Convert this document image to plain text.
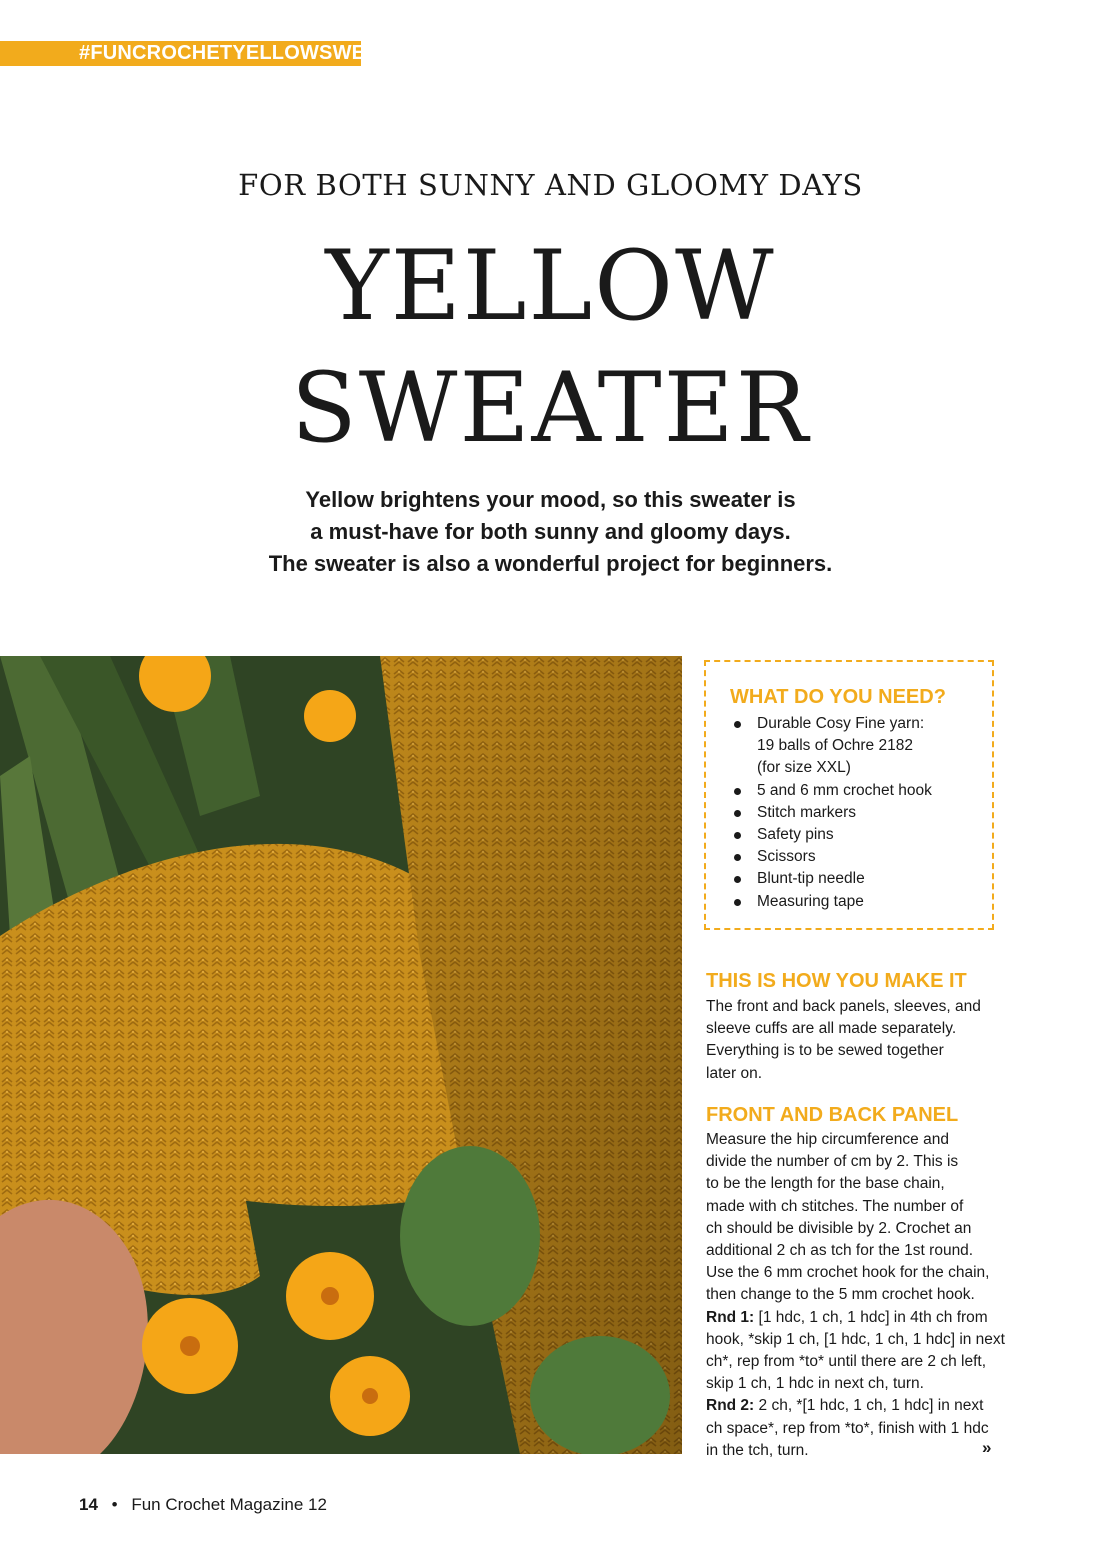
#FUNCROCHETYELLOWSWEATER
FOR BOTH SUNNY AND GLOOMY DAYS
YELLOW
SWEATER
Yellow brightens your mood, so this sweater is
a must-have for both sunny and gloomy days.
The sweater is also a wonderful project for beginners.
WHAT DO YOU NEED?
Durable Cosy Fine yarn:
19 balls of Ochre 2182
(for size XXL)
5 and 6 mm crochet hook
Stitch markers
Safety pins
Scissors
Blunt-tip needle
Measuring tape
THIS IS HOW YOU MAKE IT
The front and back panels, sleeves, and
sleeve cuffs are all made separately.
Everything is to be sewed together
later on.
FRONT AND BACK PANEL
Measure the hip circumference and
divide the number of cm by 2. This is
to be the length for the base chain,
made with ch stitches. The number of
ch should be divisible by 2. Crochet an
additional 2 ch as tch for the 1st round.
Use the 6 mm crochet hook for the chain,
then change to the 5 mm crochet hook.
Rnd 1: [1 hdc, 1 ch, 1 hdc] in 4th ch from
hook, *skip 1 ch, [1 hdc, 1 ch, 1 hdc] in next
ch*, rep from *to* until there are 2 ch left,
skip 1 ch, 1 hdc in next ch, turn.
Rnd 2: 2 ch, *[1 hdc, 1 ch, 1 hdc] in next
ch space*, rep from *to*, finish with 1 hdc
in the tch, turn.	»
14 • Fun Crochet Magazine 12
